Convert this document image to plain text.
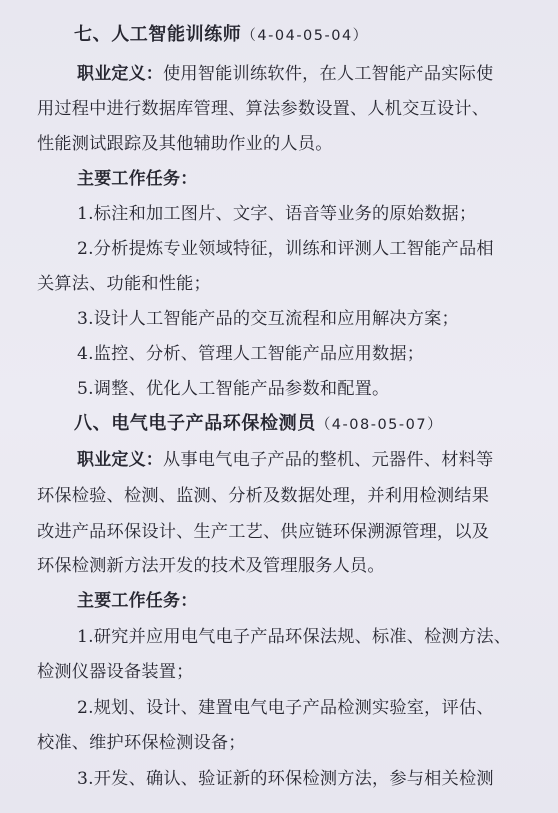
七、人工智能训练师（4-04-05-04）
职业定义：使用智能训练软件，在人工智能产品实际使
用过程中进行数据库管理、算法参数设置、人机交互设计、
性能测试跟踪及其他辅助作业的人员。
主要工作任务：
1.标注和加工图片、文字、语音等业务的原始数据；
2.分析提炼专业领域特征，训练和评测人工智能产品相
关算法、功能和性能；
3.设计人工智能产品的交互流程和应用解决方案；
4.监控、分析、管理人工智能产品应用数据；
5.调整、优化人工智能产品参数和配置。
八、电气电子产品环保检测员（4-08-05-07）
职业定义：从事电气电子产品的整机、元器件、材料等
环保检验、检测、监测、分析及数据处理，并利用检测结果
改进产品环保设计、生产工艺、供应链环保溯源管理，以及
环保检测新方法开发的技术及管理服务人员。
主要工作任务：
1.研究并应用电气电子产品环保法规、标准、检测方法、
检测仪器设备装置；
2.规划、设计、建置电气电子产品检测实验室，评估、
校准、维护环保检测设备；
3.开发、确认、验证新的环保检测方法，参与相关检测
